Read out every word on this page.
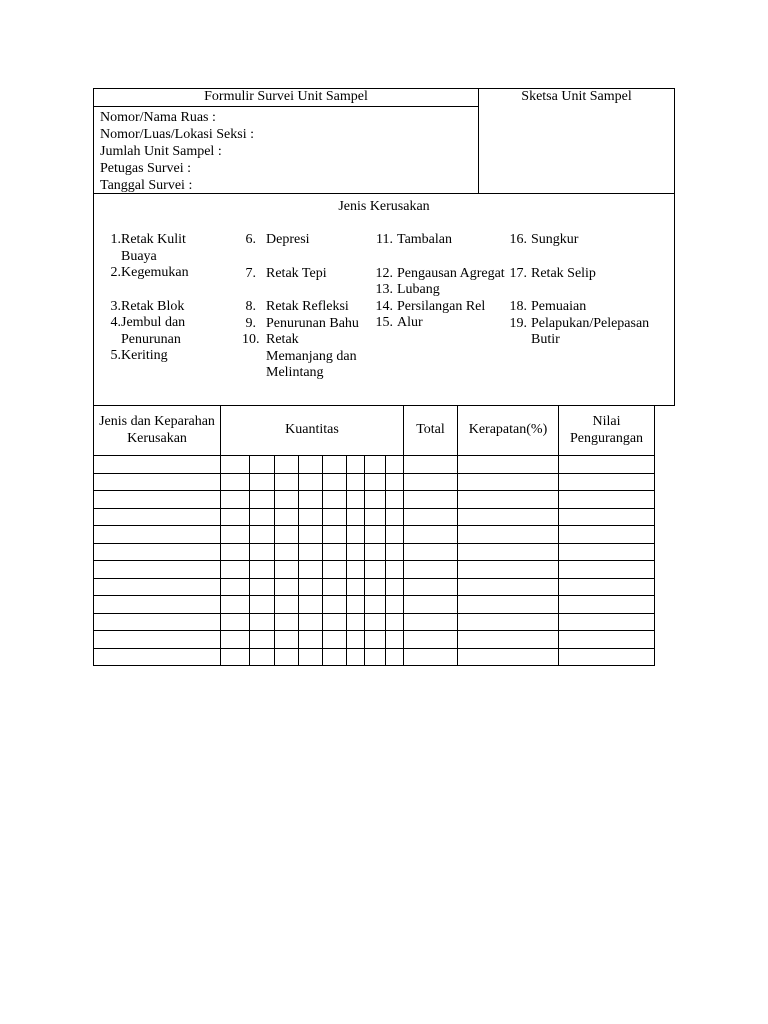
Formulir Survei Unit Sampel
Nomor/Nama Ruas :
Nomor/Luas/Lokasi Seksi :
Jumlah Unit Sampel :
Petugas Survei :
Tanggal Survei :
Sketsa Unit Sampel
Jenis Kerusakan
1. Retak Kulit Buaya
2. Kegemukan
3. Retak Blok
4. Jembul dan Penurunan
5. Keriting
6. Depresi
7. Retak Tepi
8. Retak Refleksi
9. Penurunan Bahu
10. Retak Memanjang dan Melintang
11. Tambalan
12. Pengausan Agregat
13. Lubang
14. Persilangan Rel
15. Alur
16. Sungkur
17. Retak Selip
18. Pemuaian
19. Pelapukan/Pelepasan Butir
Jenis dan Keparahan Kerusakan	Kuantitas								Total	Kerapatan(%)	Nilai Pengurangan
